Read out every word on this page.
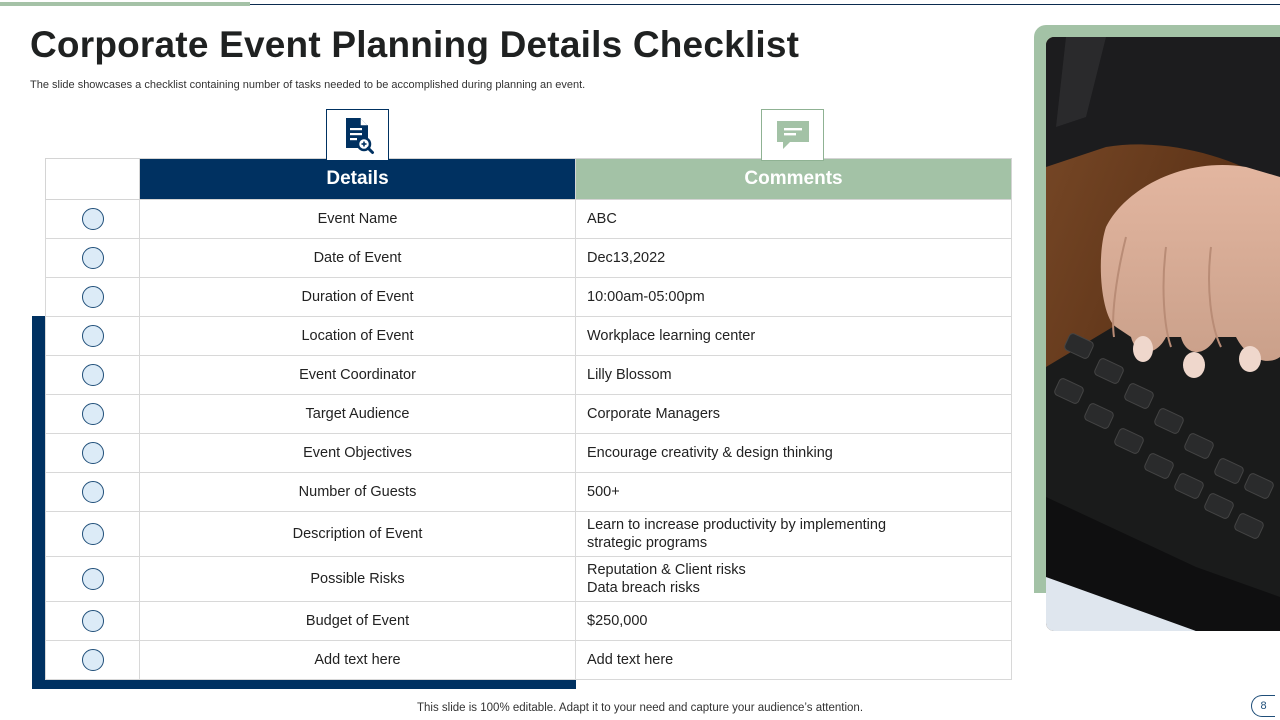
Corporate Event Planning Details Checklist
The slide showcases a checklist containing number of tasks needed to be accomplished during planning an event.
	Details	Comments
	Event Name	ABC
	Date of Event	Dec13,2022
	Duration of Event	10:00am-05:00pm
	Location of Event	Workplace learning center
	Event Coordinator	Lilly Blossom
	Target Audience	Corporate Managers
	Event Objectives	Encourage creativity & design thinking
	Number of Guests	500+
	Description of Event	Learn to increase productivity by implementing
strategic programs
	Possible Risks	Reputation & Client risks
Data breach risks
	Budget of Event	$250,000
	Add text here	Add text here
This slide is 100% editable. Adapt it to your need and capture your audience’s attention.	8
